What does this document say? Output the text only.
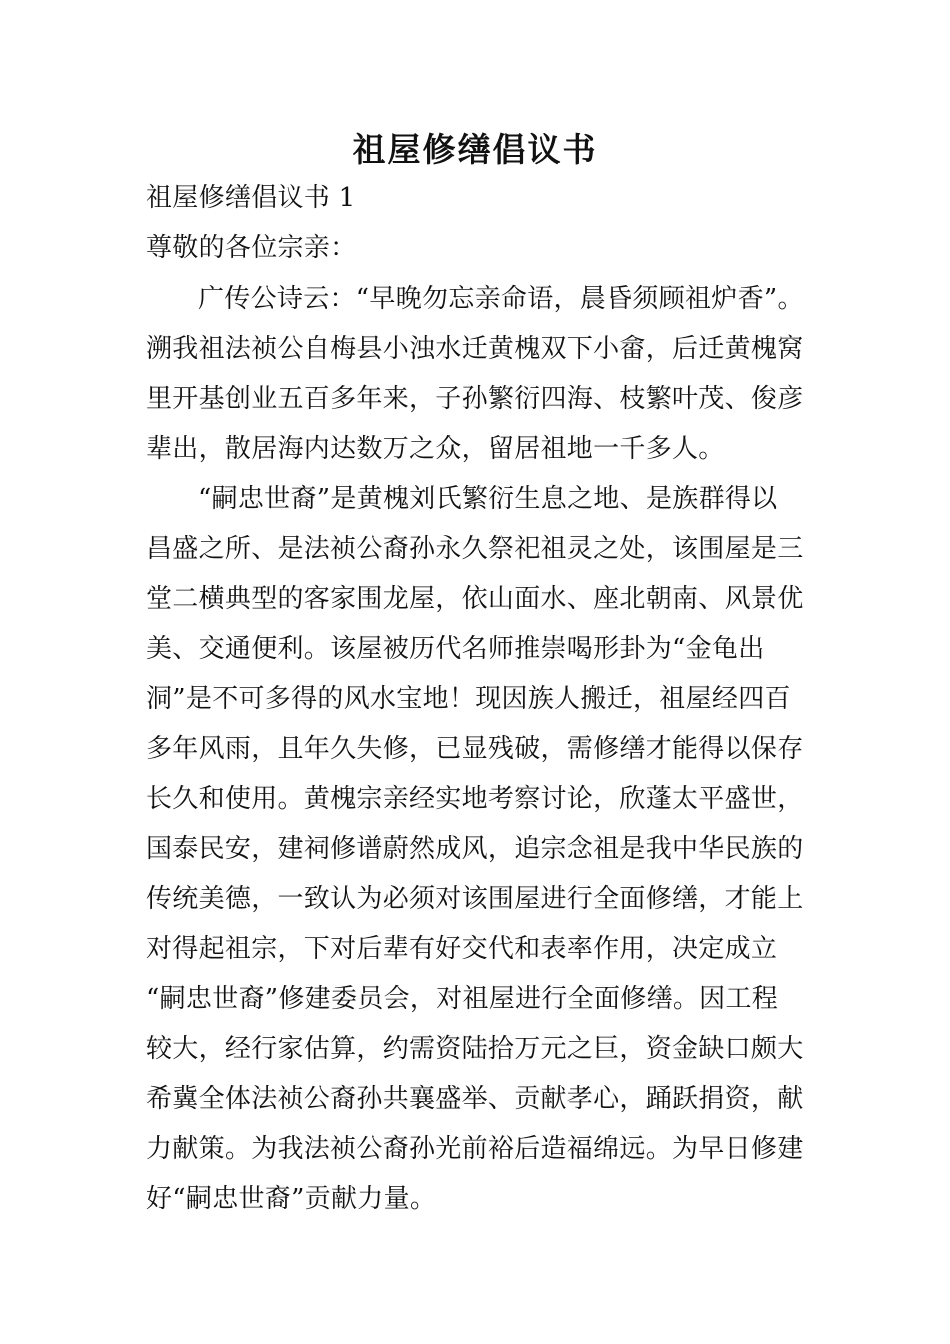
祖屋修缮倡议书
祖屋修缮倡议书 1
尊敬的各位宗亲：
广传公诗云：“早晚勿忘亲命语，晨昏须顾祖炉香”。
溯我祖法祯公自梅县小浊水迁黄槐双下小畲，后迁黄槐窝
里开基创业五百多年来，子孙繁衍四海、枝繁叶茂、俊彦
辈出，散居海内达数万之众，留居祖地一千多人。
“嗣忠世裔”是黄槐刘氏繁衍生息之地、是族群得以
昌盛之所、是法祯公裔孙永久祭祀祖灵之处，该围屋是三
堂二横典型的客家围龙屋，依山面水、座北朝南、风景优
美、交通便利。该屋被历代名师推崇喝形卦为“金龟出
洞”是不可多得的风水宝地！现因族人搬迁，祖屋经四百
多年风雨，且年久失修，已显残破，需修缮才能得以保存
长久和使用。黄槐宗亲经实地考察讨论，欣蓬太平盛世，
国泰民安，建祠修谱蔚然成风，追宗念祖是我中华民族的
传统美德，一致认为必须对该围屋进行全面修缮，才能上
对得起祖宗，下对后辈有好交代和表率作用，决定成立
“嗣忠世裔”修建委员会，对祖屋进行全面修缮。因工程
较大，经行家估算，约需资陆拾万元之巨，资金缺口颇大
希冀全体法祯公裔孙共襄盛举、贡献孝心，踊跃捐资，献
力献策。为我法祯公裔孙光前裕后造福绵远。为早日修建
好“嗣忠世裔”贡献力量。
